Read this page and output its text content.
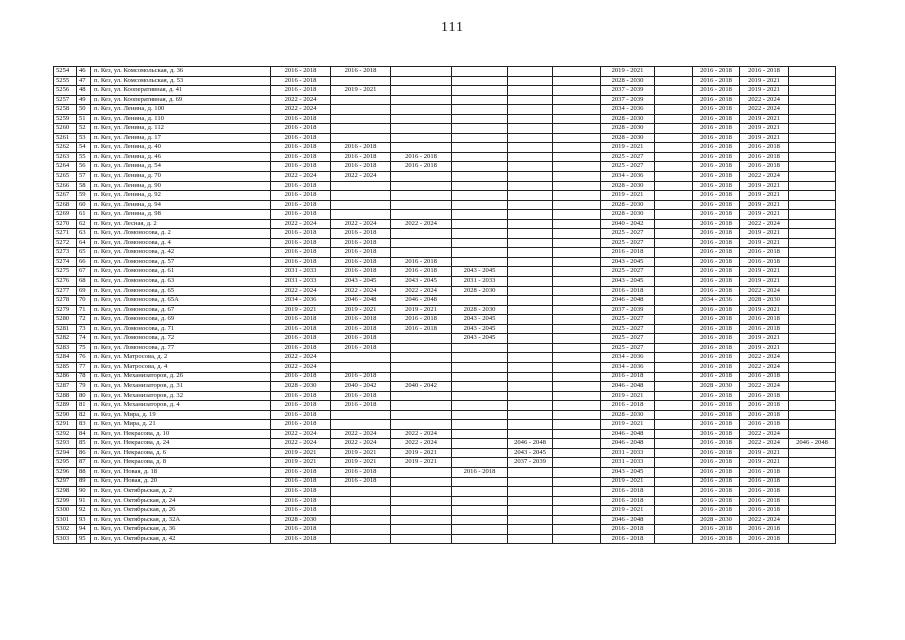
111
5254	46	п. Кез, ул. Комсомольская, д. 36	2016 - 2018	2016 - 2018					2019 - 2021		2016 - 2018	2016 - 2018	
5255	47	п. Кез, ул. Комсомольская, д. 53	2016 - 2018						2028 - 2030		2016 - 2018	2019 - 2021	
5256	48	п. Кез, ул. Кооперативная, д. 41	2016 - 2018	2019 - 2021					2037 - 2039		2016 - 2018	2019 - 2021	
5257	49	п. Кез, ул. Кооперативная, д. 69	2022 - 2024						2037 - 2039		2016 - 2018	2022 - 2024	
5258	50	п. Кез, ул. Ленина, д. 100	2022 - 2024						2034 - 2036		2016 - 2018	2022 - 2024	
5259	51	п. Кез, ул. Ленина, д. 110	2016 - 2018						2028 - 2030		2016 - 2018	2019 - 2021	
5260	52	п. Кез, ул. Ленина, д. 112	2016 - 2018						2028 - 2030		2016 - 2018	2019 - 2021	
5261	53	п. Кез, ул. Ленина, д. 17	2016 - 2018						2028 - 2030		2016 - 2018	2019 - 2021	
5262	54	п. Кез, ул. Ленина, д. 40	2016 - 2018	2016 - 2018					2019 - 2021		2016 - 2018	2016 - 2018	
5263	55	п. Кез, ул. Ленина, д. 46	2016 - 2018	2016 - 2018	2016 - 2018				2025 - 2027		2016 - 2018	2016 - 2018	
5264	56	п. Кез, ул. Ленина, д. 54	2016 - 2018	2016 - 2018	2016 - 2018				2025 - 2027		2016 - 2018	2016 - 2018	
5265	57	п. Кез, ул. Ленина, д. 70	2022 - 2024	2022 - 2024					2034 - 2036		2016 - 2018	2022 - 2024	
5266	58	п. Кез, ул. Ленина, д. 90	2016 - 2018						2028 - 2030		2016 - 2018	2019 - 2021	
5267	59	п. Кез, ул. Ленина, д. 92	2016 - 2018						2019 - 2021		2016 - 2018	2019 - 2021	
5268	60	п. Кез, ул. Ленина, д. 94	2016 - 2018						2028 - 2030		2016 - 2018	2019 - 2021	
5269	61	п. Кез, ул. Ленина, д. 98	2016 - 2018						2028 - 2030		2016 - 2018	2019 - 2021	
5270	62	п. Кез, ул. Лесная, д. 2	2022 - 2024	2022 - 2024	2022 - 2024				2040 - 2042		2016 - 2018	2022 - 2024	
5271	63	п. Кез, ул. Ломоносова, д. 2	2016 - 2018	2016 - 2018					2025 - 2027		2016 - 2018	2019 - 2021	
5272	64	п. Кез, ул. Ломоносова, д. 4	2016 - 2018	2016 - 2018					2025 - 2027		2016 - 2018	2019 - 2021	
5273	65	п. Кез, ул. Ломоносова, д. 42	2016 - 2018	2016 - 2018					2016 - 2018		2016 - 2018	2016 - 2018	
5274	66	п. Кез, ул. Ломоносова, д. 57	2016 - 2018	2016 - 2018	2016 - 2018				2043 - 2045		2016 - 2018	2016 - 2018	
5275	67	п. Кез, ул. Ломоносова, д. 61	2031 - 2033	2016 - 2018	2016 - 2018	2043 - 2045			2025 - 2027		2016 - 2018	2019 - 2021	
5276	68	п. Кез, ул. Ломоносова, д. 63	2031 - 2033	2043 - 2045	2043 - 2045	2031 - 2033			2043 - 2045		2016 - 2018	2019 - 2021	
5277	69	п. Кез, ул. Ломоносова, д. 65	2022 - 2024	2022 - 2024	2022 - 2024	2028 - 2030			2016 - 2018		2016 - 2018	2022 - 2024	
5278	70	п. Кез, ул. Ломоносова, д. 65А	2034 - 2036	2046 - 2048	2046 - 2048				2046 - 2048		2034 - 2036	2028 - 2030	
5279	71	п. Кез, ул. Ломоносова, д. 67	2019 - 2021	2019 - 2021	2019 - 2021	2028 - 2030			2037 - 2039		2016 - 2018	2019 - 2021	
5280	72	п. Кез, ул. Ломоносова, д. 69	2016 - 2018	2016 - 2018	2016 - 2018	2043 - 2045			2025 - 2027		2016 - 2018	2016 - 2018	
5281	73	п. Кез, ул. Ломоносова, д. 71	2016 - 2018	2016 - 2018	2016 - 2018	2043 - 2045			2025 - 2027		2016 - 2018	2016 - 2018	
5282	74	п. Кез, ул. Ломоносова, д. 72	2016 - 2018	2016 - 2018		2043 - 2045			2025 - 2027		2016 - 2018	2019 - 2021	
5283	75	п. Кез, ул. Ломоносова, д. 77	2016 - 2018	2016 - 2018					2025 - 2027		2016 - 2018	2019 - 2021	
5284	76	п. Кез, ул. Матросова, д. 2	2022 - 2024						2034 - 2036		2016 - 2018	2022 - 2024	
5285	77	п. Кез, ул. Матросова, д. 4	2022 - 2024						2034 - 2036		2016 - 2018	2022 - 2024	
5286	78	п. Кез, ул. Механизаторов, д. 26	2016 - 2018	2016 - 2018					2016 - 2018		2016 - 2018	2016 - 2018	
5287	79	п. Кез, ул. Механизаторов, д. 31	2028 - 2030	2040 - 2042	2040 - 2042				2046 - 2048		2028 - 2030	2022 - 2024	
5288	80	п. Кез, ул. Механизаторов, д. 32	2016 - 2018	2016 - 2018					2019 - 2021		2016 - 2018	2016 - 2018	
5289	81	п. Кез, ул. Механизаторов, д. 4	2016 - 2018	2016 - 2018					2016 - 2018		2016 - 2018	2016 - 2018	
5290	82	п. Кез, ул. Мира, д. 19	2016 - 2018						2028 - 2030		2016 - 2018	2016 - 2018	
5291	83	п. Кез, ул. Мира, д. 21	2016 - 2018						2019 - 2021		2016 - 2018	2016 - 2018	
5292	84	п. Кез, ул. Некрасова, д. 10	2022 - 2024	2022 - 2024	2022 - 2024				2046 - 2048		2016 - 2018	2022 - 2024	
5293	85	п. Кез, ул. Некрасова, д. 24	2022 - 2024	2022 - 2024	2022 - 2024		2046 - 2048		2046 - 2048		2016 - 2018	2022 - 2024	2046 - 2048
5294	86	п. Кез, ул. Некрасова, д. 6	2019 - 2021	2019 - 2021	2019 - 2021		2043 - 2045		2031 - 2033		2016 - 2018	2019 - 2021	
5295	87	п. Кез, ул. Некрасова, д. 8	2019 - 2021	2019 - 2021	2019 - 2021		2037 - 2039		2031 - 2033		2016 - 2018	2019 - 2021	
5296	88	п. Кез, ул. Новая, д. 18	2016 - 2018	2016 - 2018		2016 - 2018			2043 - 2045		2016 - 2018	2016 - 2018	
5297	89	п. Кез, ул. Новая, д. 20	2016 - 2018	2016 - 2018					2019 - 2021		2016 - 2018	2016 - 2018	
5298	90	п. Кез, ул. Октябрьская, д. 2	2016 - 2018						2016 - 2018		2016 - 2018	2016 - 2018	
5299	91	п. Кез, ул. Октябрьская, д. 24	2016 - 2018						2016 - 2018		2016 - 2018	2016 - 2018	
5300	92	п. Кез, ул. Октябрьская, д. 26	2016 - 2018						2019 - 2021		2016 - 2018	2016 - 2018	
5301	93	п. Кез, ул. Октябрьская, д. 32А	2028 - 2030						2046 - 2048		2028 - 2030	2022 - 2024	
5302	94	п. Кез, ул. Октябрьская, д. 36	2016 - 2018						2016 - 2018		2016 - 2018	2016 - 2018	
5303	95	п. Кез, ул. Октябрьская, д. 42	2016 - 2018						2016 - 2018		2016 - 2018	2016 - 2018	
